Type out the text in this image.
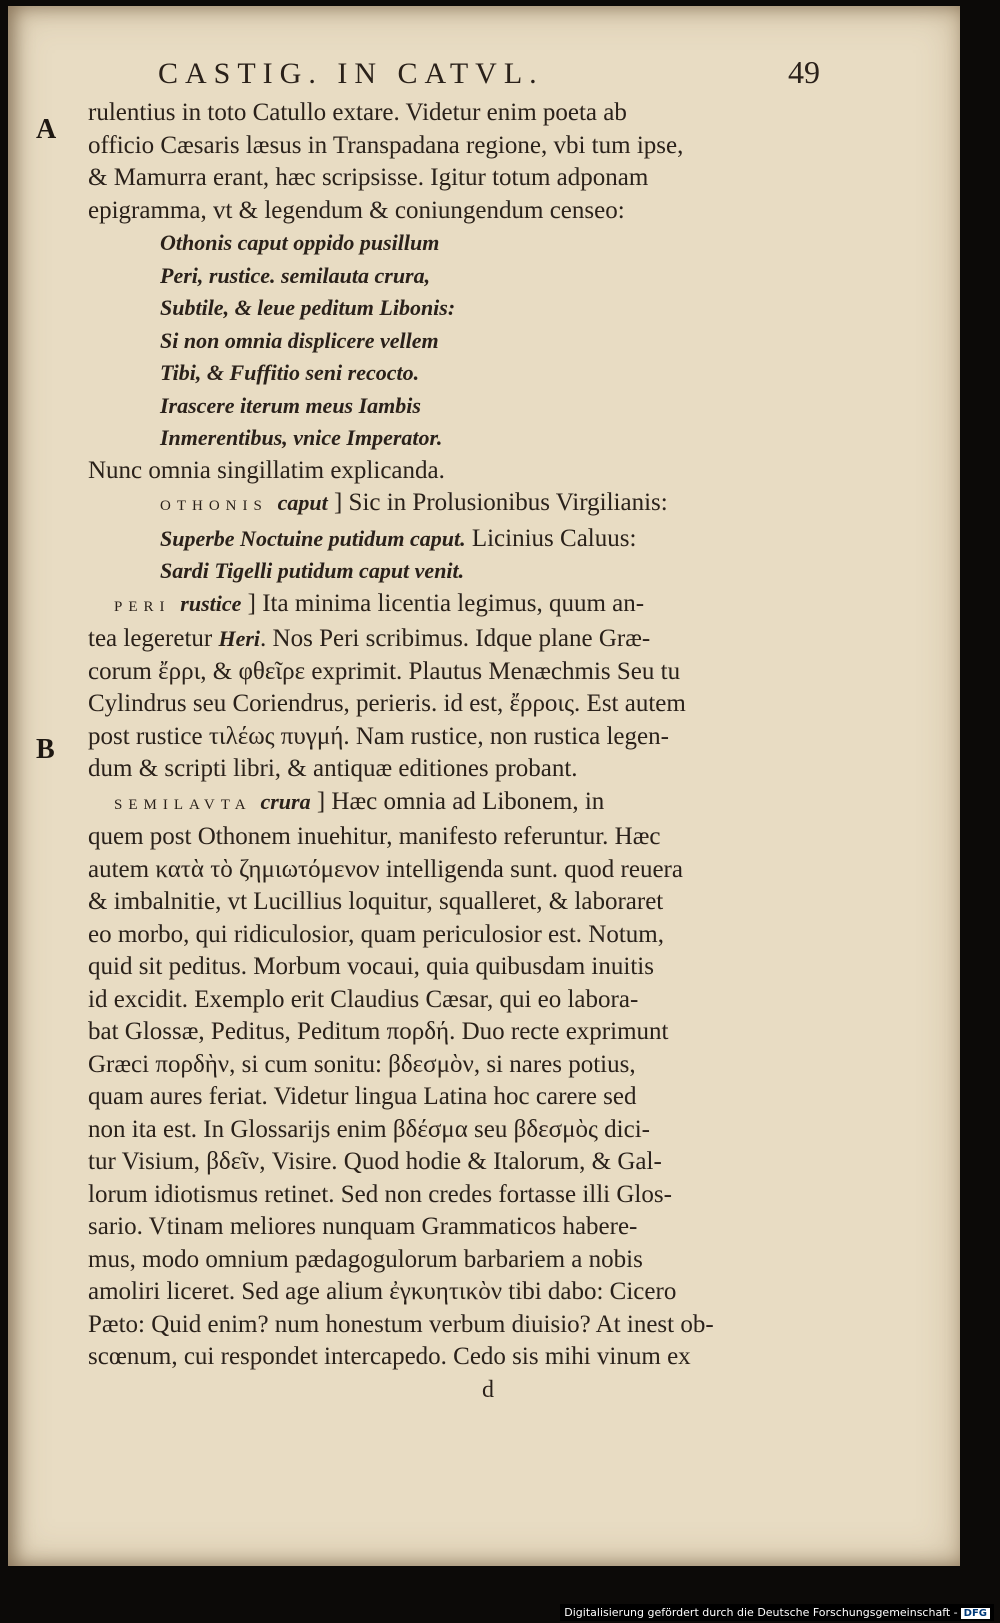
A
B
CASTIG. IN CATVL.	49
rulentius in toto Catullo extare. Videtur enim poeta ab
officio Cæsaris læsus in Transpadana regione, vbi tum ipse,
& Mamurra erant, hæc scripsisse. Igitur totum adponam
epigramma, vt & legendum & coniungendum censeo:
Othonis caput oppido pusillum
Peri, rustice. semilauta crura,
Subtile, & leue peditum Libonis:
Si non omnia displicere vellem
Tibi, & Fuffitio seni recocto.
Irascere iterum meus Iambis
Inmerentibus, vnice Imperator.
Nunc omnia singillatim explicanda.
OTHONIS caput ] Sic in Prolusionibus Virgilianis:
Superbe Noctuine putidum caput. Licinius Caluus:
Sardi Tigelli putidum caput venit.
PERI rustice ] Ita minima licentia legimus, quum an-
tea legeretur Heri. Nos Peri scribimus. Idque plane Græ-
corum ἔρρι, & φθεῖρε exprimit. Plautus Menæchmis Seu tu
Cylindrus seu Coriendrus, perieris. id est, ἔρροις. Est autem
post rustice τιλέως πυγμή. Nam rustice, non rustica legen-
dum & scripti libri, & antiquæ editiones probant.
SEMILAVTA crura ] Hæc omnia ad Libonem, in
quem post Othonem inuehitur, manifesto referuntur. Hæc
autem κατὰ τὸ ζημιωτόμενον intelligenda sunt. quod reuera
& imbalnitie, vt Lucillius loquitur, squalleret, & laboraret
eo morbo, qui ridiculosior, quam periculosior est. Notum,
quid sit peditus. Morbum vocaui, quia quibusdam inuitis
id excidit. Exemplo erit Claudius Cæsar, qui eo labora-
bat Glossæ, Peditus, Peditum πορδή. Duo recte exprimunt
Græci πορδὴν, si cum sonitu: βδεσμὸν, si nares potius,
quam aures feriat. Videtur lingua Latina hoc carere sed
non ita est. In Glossarijs enim βδέσμα seu βδεσμὸς dici-
tur Visium, βδεῖν, Visire. Quod hodie & Italorum, & Gal-
lorum idiotismus retinet. Sed non credes fortasse illi Glos-
sario. Vtinam meliores nunquam Grammaticos habere-
mus, modo omnium pædagogulorum barbariem a nobis
amoliri liceret. Sed age alium ἐγκυητικὸν tibi dabo: Cicero
Pæto: Quid enim? num honestum verbum diuisio? At inest ob-
scœnum, cui respondet intercapedo. Cedo sis mihi vinum ex
d
Digitalisierung gefördert durch die Deutsche Forschungsgemeinschaft - DFG
